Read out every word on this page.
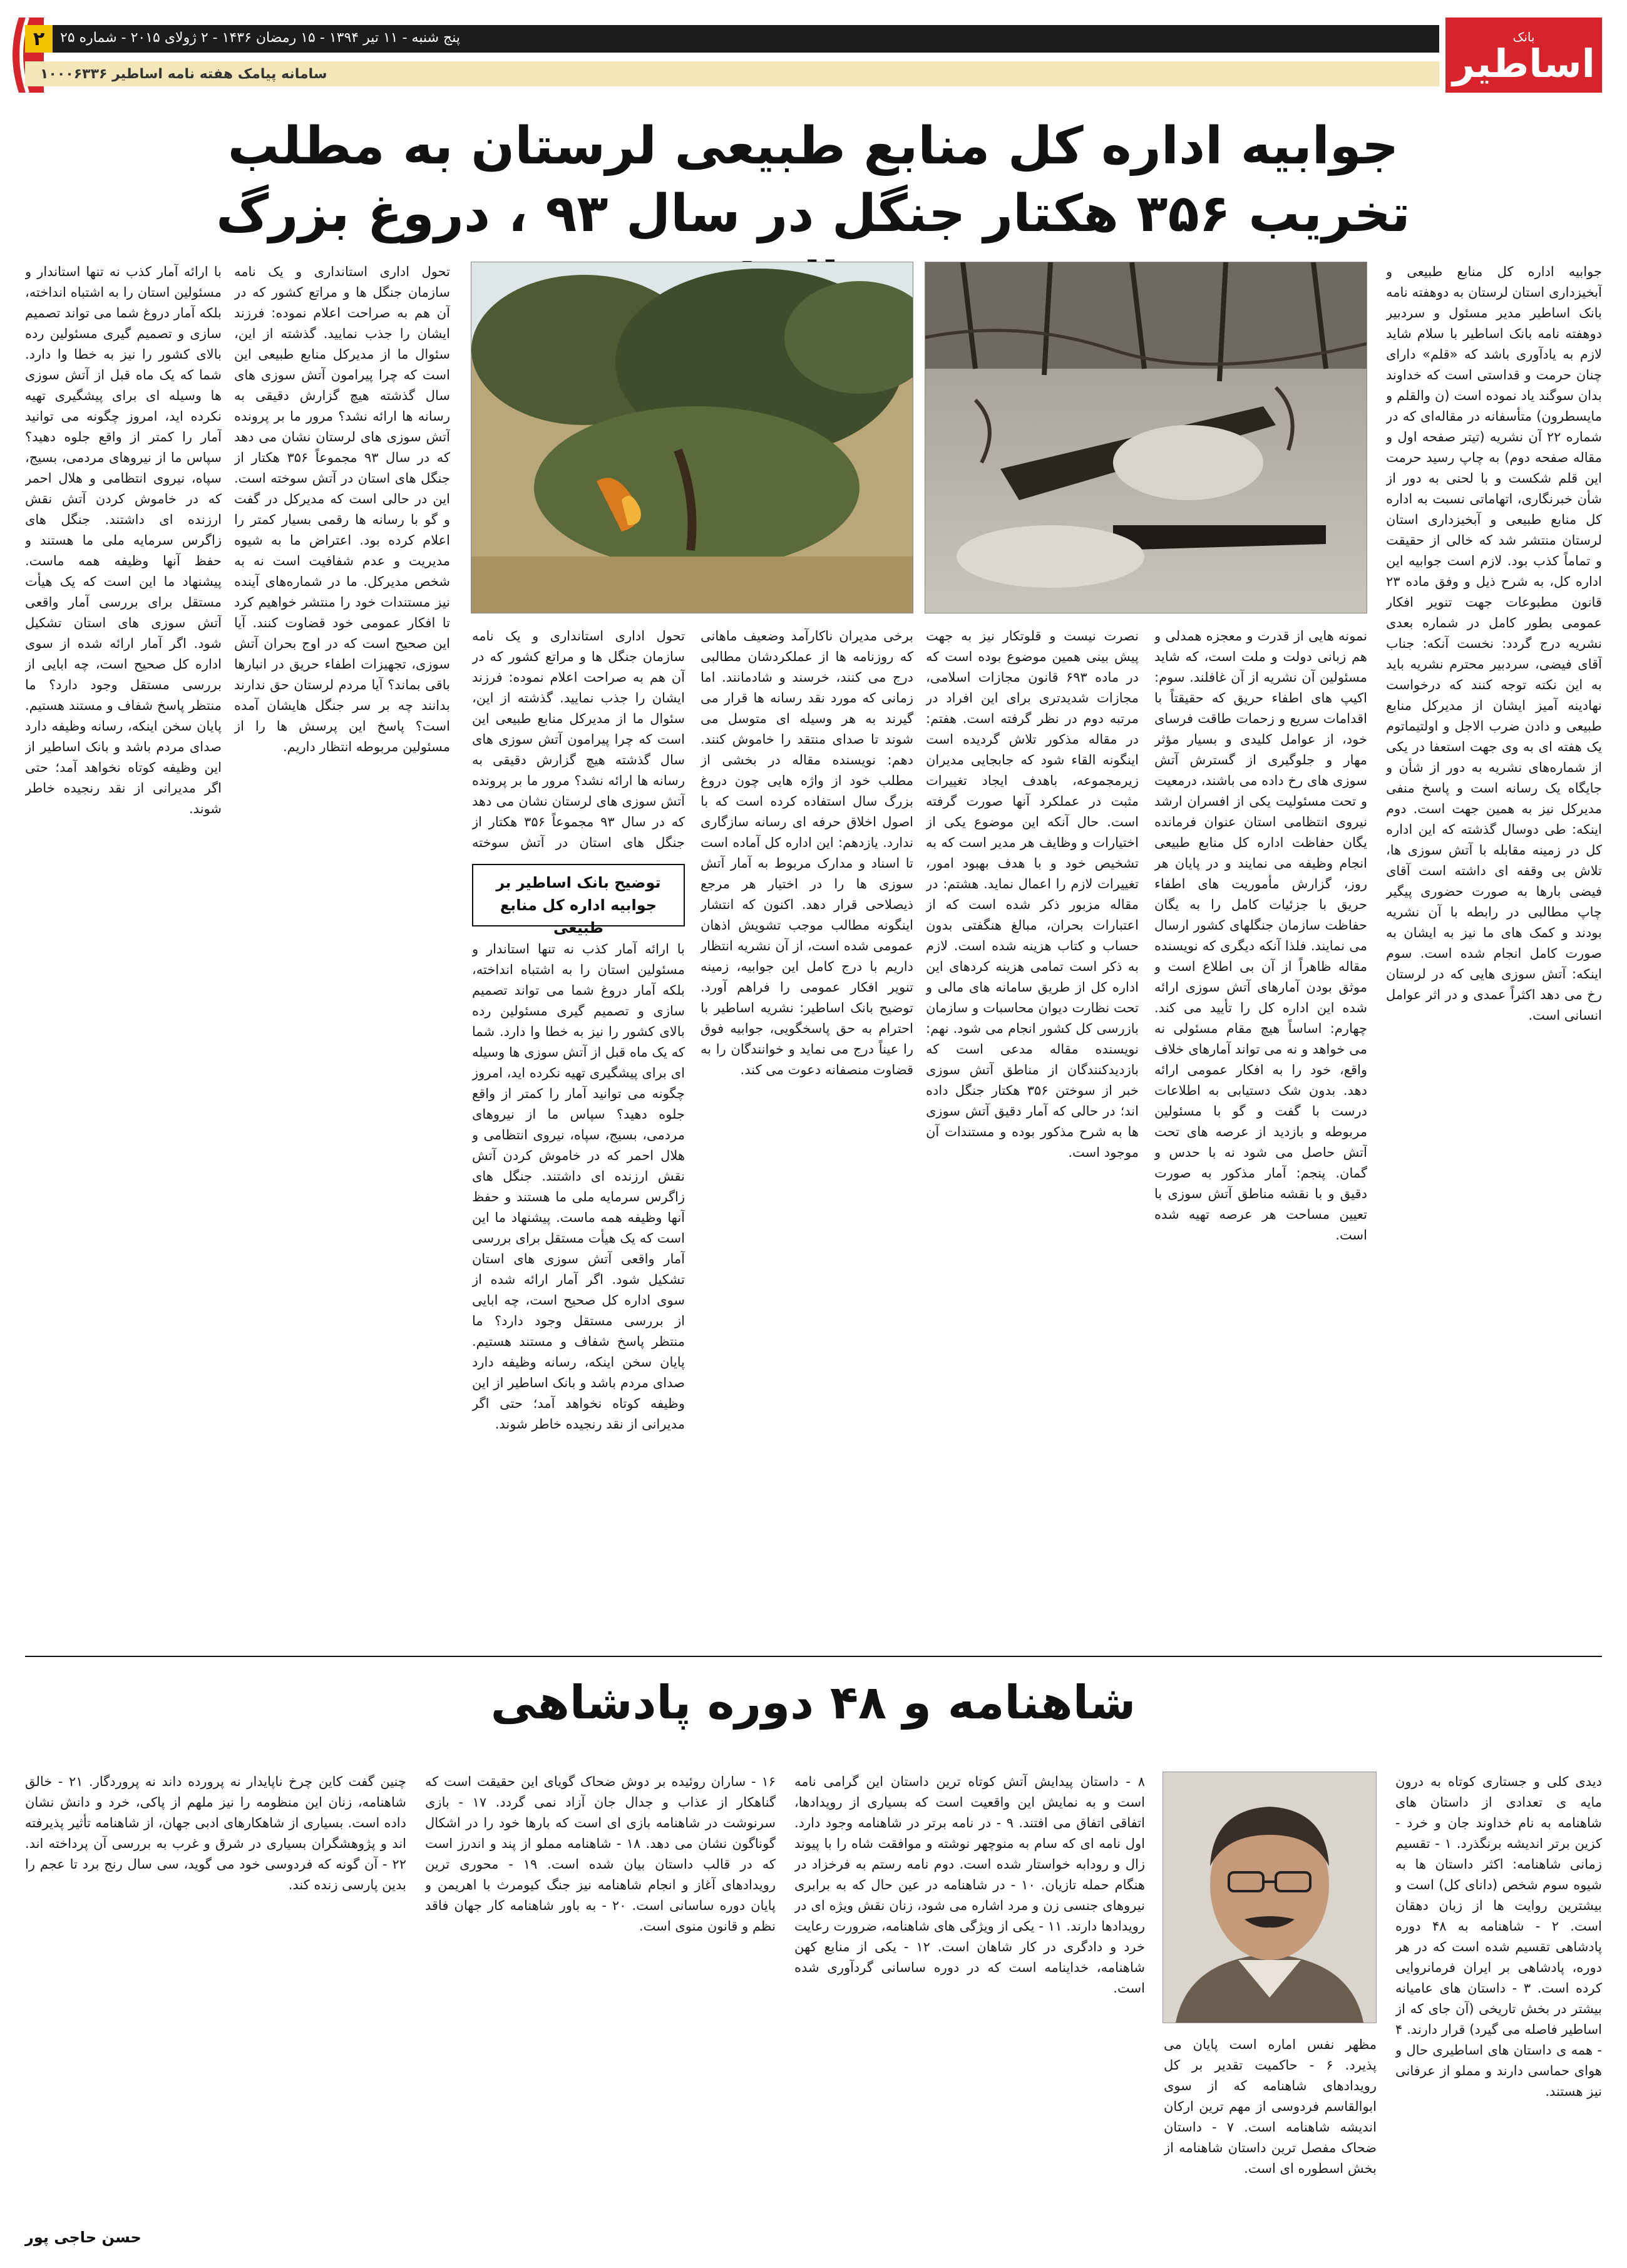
بانک
اساطیر
۲	پنج شنبه - ۱۱ تیر ۱۳۹۴ - ۱۵ رمضان ۱۴۳۶ - ۲ ژولای ۲۰۱۵ - شماره ۲۵
سامانه پیامک هفته نامه اساطیر ۱۰۰۰۶۳۳۶
جوابیه اداره کل منابع طبیعی لرستان به مطلب
تخریب ۳۵۶ هکتار جنگل در سال ۹۳ ، دروغ بزرگ

جوابیه اداره کل منابع طبیعی و آبخیزداری استان لرستان به دوهفته نامه بانک اساطیر مدیر مسئول و سردبیر دوهفته نامه بانک اساطیر با سلام شاید لازم به یادآوری باشد که «قلم» دارای چنان حرمت و قداستی است که خداوند بدان سوگند یاد نموده است (ن والقلم و مایسطرون) متأسفانه در مقاله‌ای که در شماره ۲۲ آن نشریه (تیتر صفحه اول و مقاله صفحه دوم) به چاپ رسید حرمت این قلم شکست و با لحنی به دور از شأن خبرنگاری، اتهاماتی نسبت به اداره کل منابع طبیعی و آبخیزداری استان لرستان منتشر شد که خالی از حقیقت و تماماً کذب بود. لازم است جوابیه این اداره کل، به شرح ذیل و وفق ماده ۲۳ قانون مطبوعات جهت تنویر افکار عمومی بطور کامل در شماره بعدی نشریه درج گردد: نخست آنکه: جناب آقای فیضی، سردبیر محترم نشریه باید به این نکته توجه کنند که درخواست نهادینه آمیز ایشان از مدیرکل منابع طبیعی و دادن ضرب الاجل و اولتیماتوم یک هفته ای به وی جهت استعفا در یکی از شماره‌های نشریه به دور از شأن و جایگاه یک رسانه است و پاسخ منفی مدیرکل نیز به همین جهت است. دوم اینکه: طی دوسال گذشته که این اداره کل در زمینه مقابله با آتش سوزی ها، تلاش بی وقفه ای داشته است آقای فیضی بارها به صورت حضوری پیگیر چاپ مطالبی در رابطه با آن نشریه بودند و کمک های ما نیز به ایشان به صورت کامل انجام شده است. سوم اینکه: آتش سوزی هایی که در لرستان رخ می دهد اکثراً عمدی و در اثر عوامل انسانی است.

نمونه هایی از قدرت و معجزه همدلی و هم زبانی دولت و ملت است، که شاید مسئولین آن نشریه از آن غافلند. سوم: اکیپ های اطفاء حریق که حقیقتاً با اقدامات سریع و زحمات طاقت فرسای خود، از عوامل کلیدی و بسیار مؤثر مهار و جلوگیری از گسترش آتش سوزی های رخ داده می باشند، درمعیت و تحت مسئولیت یکی از افسران ارشد نیروی انتظامی استان عنوان فرمانده یگان حفاظت اداره کل منابع طبیعی انجام وظیفه می نمایند و در پایان هر روز، گزارش مأموریت های اطفاء حریق با جزئیات کامل را به یگان حفاظت سازمان جنگلهای کشور ارسال می نمایند. فلذا آنکه دیگری که نویسنده مقاله ظاهراً از آن بی اطلاع است و موثق بودن آمارهای آتش سوزی ارائه شده این اداره کل را تأیید می کند. چهارم: اساساً هیچ مقام مسئولی نه می خواهد و نه می تواند آمارهای خلاف واقع، خود را به افکار عمومی ارائه دهد. بدون شک دستیابی به اطلاعات درست با گفت و گو با مسئولین مربوطه و بازدید از عرصه های تحت آتش حاصل می شود نه با حدس و گمان. پنجم: آمار مذکور به صورت دقیق و با نقشه مناطق آتش سوزی با تعیین مساحت هر عرصه تهیه شده است.

نصرت نیست و قلوتکار نیز به جهت پیش بینی همین موضوع بوده است که در ماده ۶۹۳ قانون مجازات اسلامی، مجازات شدیدتری برای این افراد در مرتبه دوم در نظر گرفته است. هفتم: در مقاله مذکور تلاش گردیده است اینگونه القاء شود که جابجایی مدیران زیرمجموعه، باهدف ایجاد تغییرات مثبت در عملکرد آنها صورت گرفته است. حال آنکه این موضوع یکی از اختیارات و وظایف هر مدیر است که به تشخیص خود و با هدف بهبود امور، تغییرات لازم را اعمال نماید. هشتم: در مقاله مزبور ذکر شده است که از اعتبارات بحران، مبالغ هنگفتی بدون حساب و کتاب هزینه شده است. لازم به ذکر است تمامی هزینه کردهای این اداره کل از طریق سامانه های مالی و تحت نظارت دیوان محاسبات و سازمان بازرسی کل کشور انجام می شود. نهم: نویسنده مقاله مدعی است که بازدیدکنندگان از مناطق آتش سوزی خبر از سوختن ۳۵۶ هکتار جنگل داده اند؛ در حالی که آمار دقیق آتش سوزی ها به شرح مذکور بوده و مستندات آن موجود است.

برخی مدیران ناکارآمد وضعیف ماهانی که روزنامه ها از عملکردشان مطالبی درج می کنند، خرسند و شادمانند. اما زمانی که مورد نقد رسانه ها قرار می گیرند به هر وسیله ای متوسل می شوند تا صدای منتقد را خاموش کنند. دهم: نویسنده مقاله در بخشی از مطلب خود از واژه هایی چون دروغ بزرگ سال استفاده کرده است که با اصول اخلاق حرفه ای رسانه سازگاری ندارد. یازدهم: این اداره کل آماده است تا اسناد و مدارک مربوط به آمار آتش سوزی ها را در اختیار هر مرجع ذیصلاحی قرار دهد. اکنون که انتشار اینگونه مطالب موجب تشویش اذهان عمومی شده است، از آن نشریه انتظار داریم با درج کامل این جوابیه، زمینه تنویر افکار عمومی را فراهم آورد. توضیح بانک اساطیر: نشریه اساطیر با احترام به حق پاسخگویی، جوابیه فوق را عیناً درج می نماید و خوانندگان را به قضاوت منصفانه دعوت می کند.

توضیح بانک اساطیر بر جوابیه اداره کل منابع طبیعی

تحول اداری استانداری و یک نامه سازمان جنگل ها و مراتع کشور که در آن هم به صراحت اعلام نموده: فرزند ایشان را جذب نمایید. گذشته از این، سئوال ما از مدیرکل منابع طبیعی این است که چرا پیرامون آتش سوزی های سال گذشته هیچ گزارش دقیقی به رسانه ها ارائه نشد؟ مرور ما بر پرونده آتش سوزی های لرستان نشان می دهد که در سال ۹۳ مجموعاً ۳۵۶ هکتار از جنگل های استان در آتش سوخته

تحول اداری استانداری و یک نامه سازمان جنگل ها و مراتع کشور که در آن هم به صراحت اعلام نموده: فرزند ایشان را جذب نمایید. گذشته از این، سئوال ما از مدیرکل منابع طبیعی این است که چرا پیرامون آتش سوزی های سال گذشته هیچ گزارش دقیقی به رسانه ها ارائه نشد؟ مرور ما بر پرونده آتش سوزی های لرستان نشان می دهد که در سال ۹۳ مجموعاً ۳۵۶ هکتار از جنگل های استان در آتش سوخته است. این در حالی است که مدیرکل در گفت و گو با رسانه ها رقمی بسیار کمتر را اعلام کرده بود. اعتراض ما به شیوه مدیریت و عدم شفافیت است نه به شخص مدیرکل. ما در شماره‌های آینده نیز مستندات خود را منتشر خواهیم کرد تا افکار عمومی خود قضاوت کنند. آیا این صحیح است که در اوج بحران آتش سوزی، تجهیزات اطفاء حریق در انبارها باقی بماند؟ آیا مردم لرستان حق ندارند بدانند چه بر سر جنگل هایشان آمده است؟ پاسخ این پرسش ها را از مسئولین مربوطه انتظار داریم.

با ارائه آمار کذب نه تنها استاندار و مسئولین استان را به اشتباه انداخته، بلکه آمار دروغ شما می تواند تصمیم سازی و تصمیم گیری مسئولین رده بالای کشور را نیز به خطا وا دارد. شما که یک ماه قبل از آتش سوزی ها وسیله ای برای پیشگیری تهیه نکرده اید، امروز چگونه می توانید آمار را کمتر از واقع جلوه دهید؟ سپاس ما از نیروهای مردمی، بسیج، سپاه، نیروی انتظامی و هلال احمر که در خاموش کردن آتش نقش ارزنده ای داشتند. جنگل های زاگرس سرمایه ملی ما هستند و حفظ آنها وظیفه همه ماست. پیشنهاد ما این است که یک هیأت مستقل برای بررسی آمار واقعی آتش سوزی های استان تشکیل شود. اگر آمار ارائه شده از سوی اداره کل صحیح است، چه ابایی از بررسی مستقل وجود دارد؟ ما منتظر پاسخ شفاف و مستند هستیم. پایان سخن اینکه، رسانه وظیفه دارد صدای مردم باشد و بانک اساطیر از این وظیفه کوتاه نخواهد آمد؛ حتی اگر مدیرانی از نقد رنجیده خاطر شوند.

با ارائه آمار کذب نه تنها استاندار و مسئولین استان را به اشتباه انداخته، بلکه آمار دروغ شما می تواند تصمیم سازی و تصمیم گیری مسئولین رده بالای کشور را نیز به خطا وا دارد. شما که یک ماه قبل از آتش سوزی ها وسیله ای برای پیشگیری تهیه نکرده اید، امروز چگونه می توانید آمار را کمتر از واقع جلوه دهید؟ سپاس ما از نیروهای مردمی، بسیج، سپاه، نیروی انتظامی و هلال احمر که در خاموش کردن آتش نقش ارزنده ای داشتند. جنگل های زاگرس سرمایه ملی ما هستند و حفظ آنها وظیفه همه ماست. پیشنهاد ما این است که یک هیأت مستقل برای بررسی آمار واقعی آتش سوزی های استان تشکیل شود. اگر آمار ارائه شده از سوی اداره کل صحیح است، چه ابایی از بررسی مستقل وجود دارد؟ ما منتظر پاسخ شفاف و مستند هستیم. پایان سخن اینکه، رسانه وظیفه دارد صدای مردم باشد و بانک اساطیر از این وظیفه کوتاه نخواهد آمد؛ حتی اگر مدیرانی از نقد رنجیده خاطر شوند.

شاهنامه و ۴۸ دوره پادشاهی

دیدی کلی و جستاری کوتاه به درون مایه ی تعدادی از داستان های شاهنامه به نام خداوند جان و خرد - کزین برتر اندیشه برنگذرد. ۱ - تقسیم زمانی شاهنامه: اکثر داستان ها به شیوه سوم شخص (دانای کل) است و بیشترین روایت ها از زبان دهقان است. ۲ - شاهنامه به ۴۸ دوره پادشاهی تقسیم شده است که در هر دوره، پادشاهی بر ایران فرمانروایی کرده است. ۳ - داستان های عامیانه بیشتر در بخش تاریخی (آن جای که از اساطیر فاصله می گیرد) قرار دارند. ۴ - همه ی داستان های اساطیری حال و هوای حماسی دارند و مملو از عرفانی نیز هستند.

مظهر نفس اماره است پایان می پذیرد. ۶ - حاکمیت تقدیر بر کل رویدادهای شاهنامه که از سوی ابوالقاسم فردوسی از مهم ترین ارکان اندیشه شاهنامه است. ۷ - داستان ضحاک مفصل ترین داستان شاهنامه از بخش اسطوره ای است.

۸ - داستان پیدایش آتش کوتاه ترین داستان این گرامی نامه است و به نمایش این واقعیت است که بسیاری از رویدادها، اتفاقی اتفاق می افتند. ۹ - در نامه برتر در شاهنامه وجود دارد. اول نامه ای که سام به منوچهر نوشته و موافقت شاه را با پیوند زال و رودابه خواستار شده است. دوم نامه رستم به فرخزاد در هنگام حمله تازیان. ۱۰ - در شاهنامه در عین حال که به برابری نیروهای جنسی زن و مرد اشاره می شود، زنان نقش ویژه ای در رویدادها دارند. ۱۱ - یکی از ویژگی های شاهنامه، ضرورت رعایت خرد و دادگری در کار شاهان است. ۱۲ - یکی از منابع کهن شاهنامه، خداینامه است که در دوره ساسانی گردآوری شده است.

۱۶ - ساران روئیده بر دوش ضحاک گویای این حقیقت است که گناهکار از عذاب و جدال جان آزاد نمی گردد. ۱۷ - بازی سرنوشت در شاهنامه بازی ای است که بارها خود را در اشکال گوناگون نشان می دهد. ۱۸ - شاهنامه مملو از پند و اندرز است که در قالب داستان بیان شده است. ۱۹ - محوری ترین رویدادهای آغاز و انجام شاهنامه نیز جنگ کیومرث با اهریمن و پایان دوره ساسانی است. ۲۰ - به باور شاهنامه کار جهان فاقد نظم و قانون منوی است.

چنین گفت کاین چرخ ناپایدار نه پرورده داند نه پروردگار. ۲۱ - خالق شاهنامه، زنان این منظومه را نیز ملهم از پاکی، خرد و دانش نشان داده است. بسیاری از شاهکارهای ادبی جهان، از شاهنامه تأثیر پذیرفته اند و پژوهشگران بسیاری در شرق و غرب به بررسی آن پرداخته اند. ۲۲ - آن گونه که فردوسی خود می گوید، سی سال رنج برد تا عجم را بدین پارسی زنده کند.

حسن حاجی پور
